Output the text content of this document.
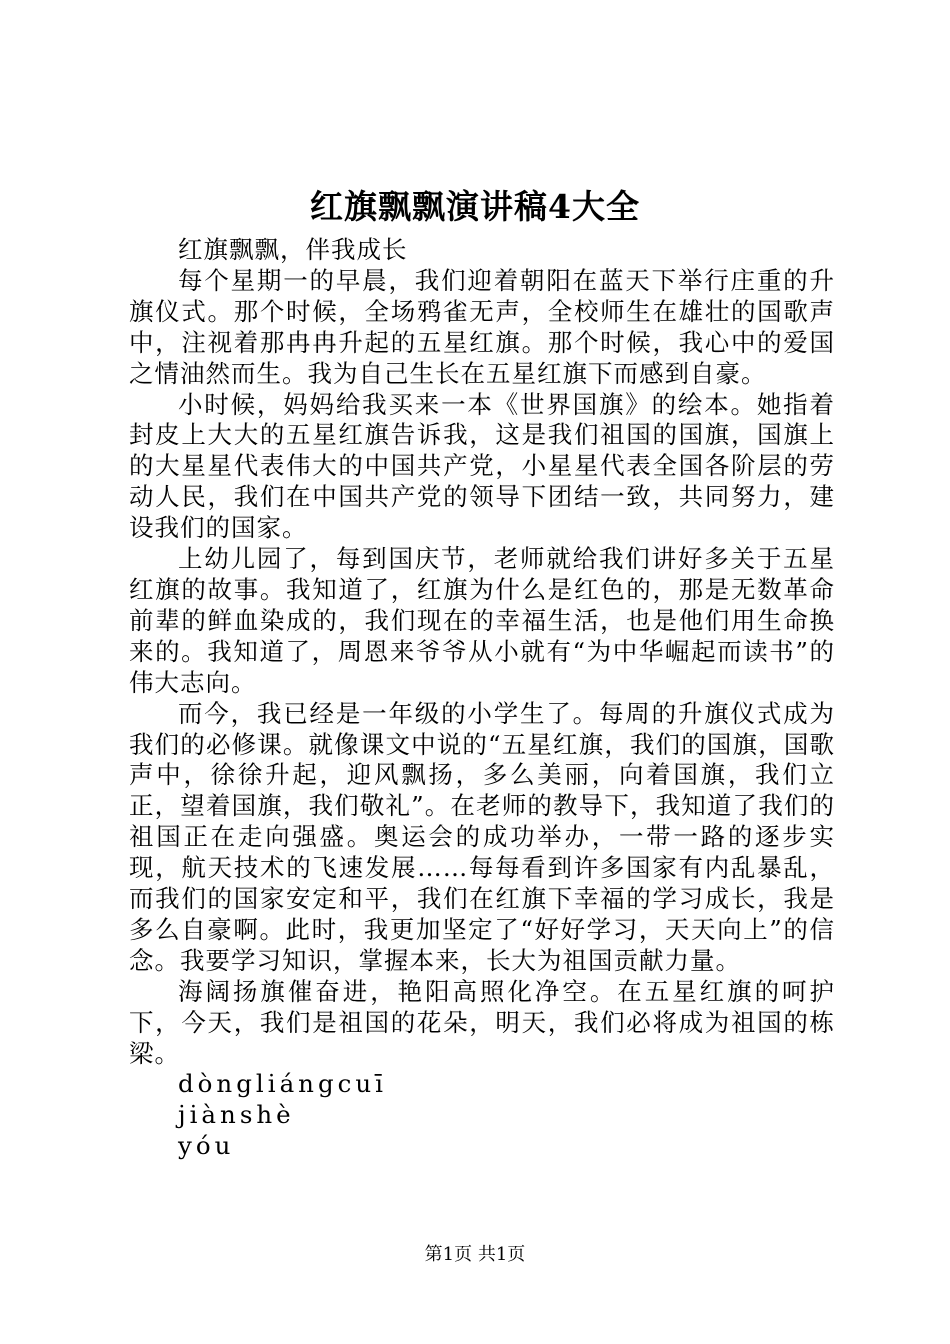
红旗飘飘演讲稿4大全

红旗飘飘，伴我成长

每个星期一的早晨，我们迎着朝阳在蓝天下举行庄重的升旗仪式。那个时候，全场鸦雀无声，全校师生在雄壮的国歌声中，注视着那冉冉升起的五星红旗。那个时候，我心中的爱国之情油然而生。我为自己生长在五星红旗下而感到自豪。

小时候，妈妈给我买来一本《世界国旗》的绘本。她指着封皮上大大的五星红旗告诉我，这是我们祖国的国旗，国旗上的大星星代表伟大的中国共产党，小星星代表全国各阶层的劳动人民，我们在中国共产党的领导下团结一致，共同努力，建设我们的国家。

上幼儿园了，每到国庆节，老师就给我们讲好多关于五星红旗的故事。我知道了，红旗为什么是红色的，那是无数革命前辈的鲜血染成的，我们现在的幸福生活，也是他们用生命换来的。我知道了，周恩来爷爷从小就有“为中华崛起而读书”的伟大志向。

而今，我已经是一年级的小学生了。每周的升旗仪式成为我们的必修课。就像课文中说的“五星红旗，我们的国旗，国歌声中，徐徐升起，迎风飘扬，多么美丽，向着国旗，我们立正，望着国旗，我们敬礼”。在老师的教导下，我知道了我们的祖国正在走向强盛。奥运会的成功举办，一带一路的逐步实现，航天技术的飞速发展……每每看到许多国家有内乱暴乱，而我们的国家安定和平，我们在红旗下幸福的学习成长，我是多么自豪啊。此时，我更加坚定了“好好学习，天天向上”的信念。我要学习知识，掌握本来，长大为祖国贡献力量。

海阔扬旗催奋进，艳阳高照化净空。在五星红旗的呵护下，今天，我们是祖国的花朵，明天，我们必将成为祖国的栋梁。

dòngliángcuī

jiànshè

yóu

第1页 共1页
